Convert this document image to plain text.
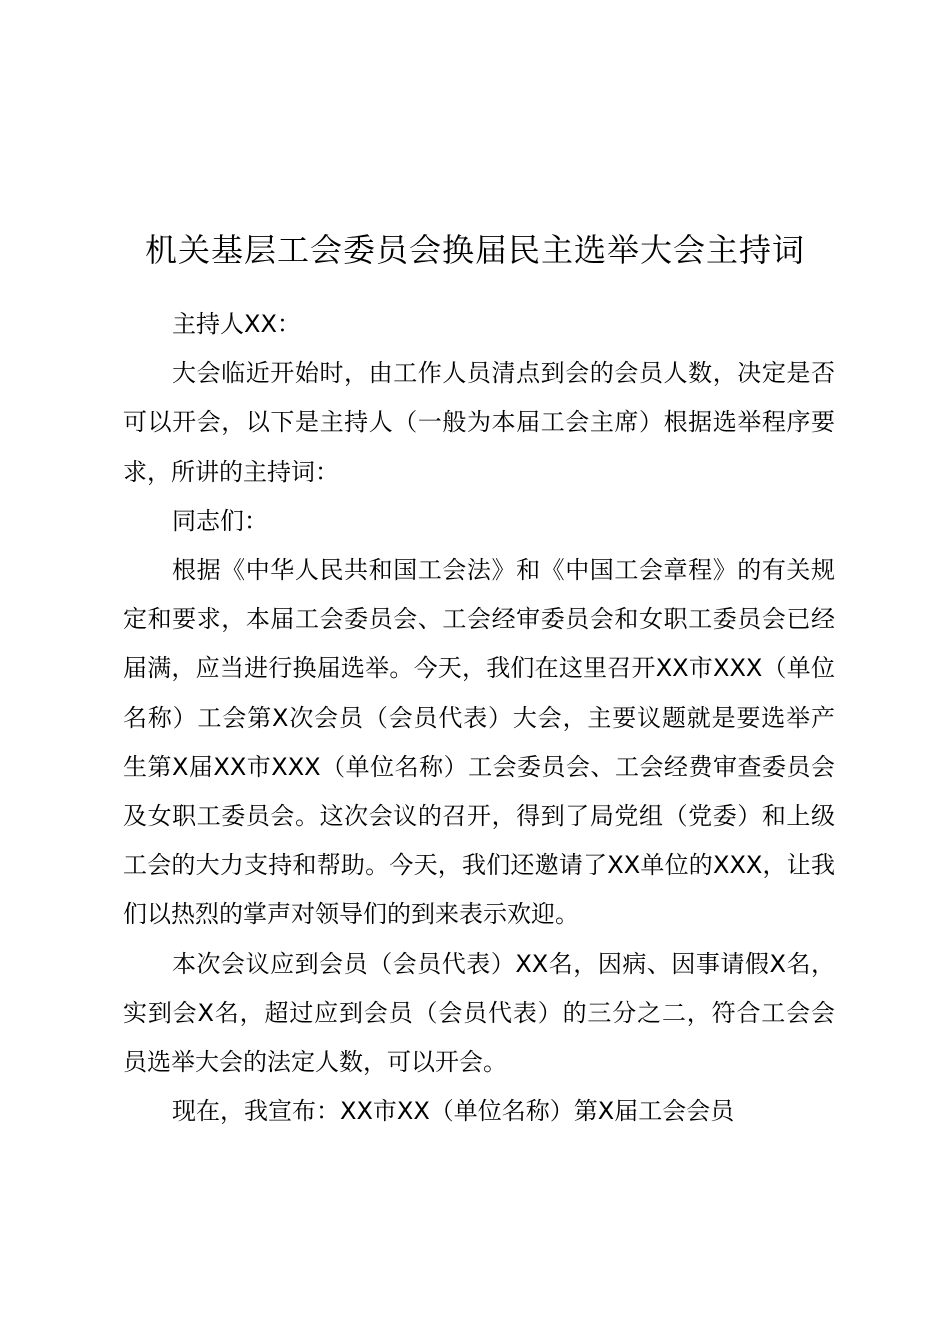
机关基层工会委员会换届民主选举大会主持词

主持人XX：

大会临近开始时，由工作人员清点到会的会员人数，决定是否可以开会，以下是主持人（一般为本届工会主席）根据选举程序要求，所讲的主持词：

同志们：

根据《中华人民共和国工会法》和《中国工会章程》的有关规定和要求，本届工会委员会、工会经审委员会和女职工委员会已经届满，应当进行换届选举。今天，我们在这里召开XX市XXX（单位名称）工会第X次会员（会员代表）大会，主要议题就是要选举产生第X届XX市XXX（单位名称）工会委员会、工会经费审查委员会及女职工委员会。这次会议的召开，得到了局党组（党委）和上级工会的大力支持和帮助。今天，我们还邀请了XX单位的XXX，让我们以热烈的掌声对领导们的到来表示欢迎。

本次会议应到会员（会员代表）XX名，因病、因事请假X名，实到会X名，超过应到会员（会员代表）的三分之二，符合工会会员选举大会的法定人数，可以开会。

现在，我宣布：XX市XX（单位名称）第X届工会会员
